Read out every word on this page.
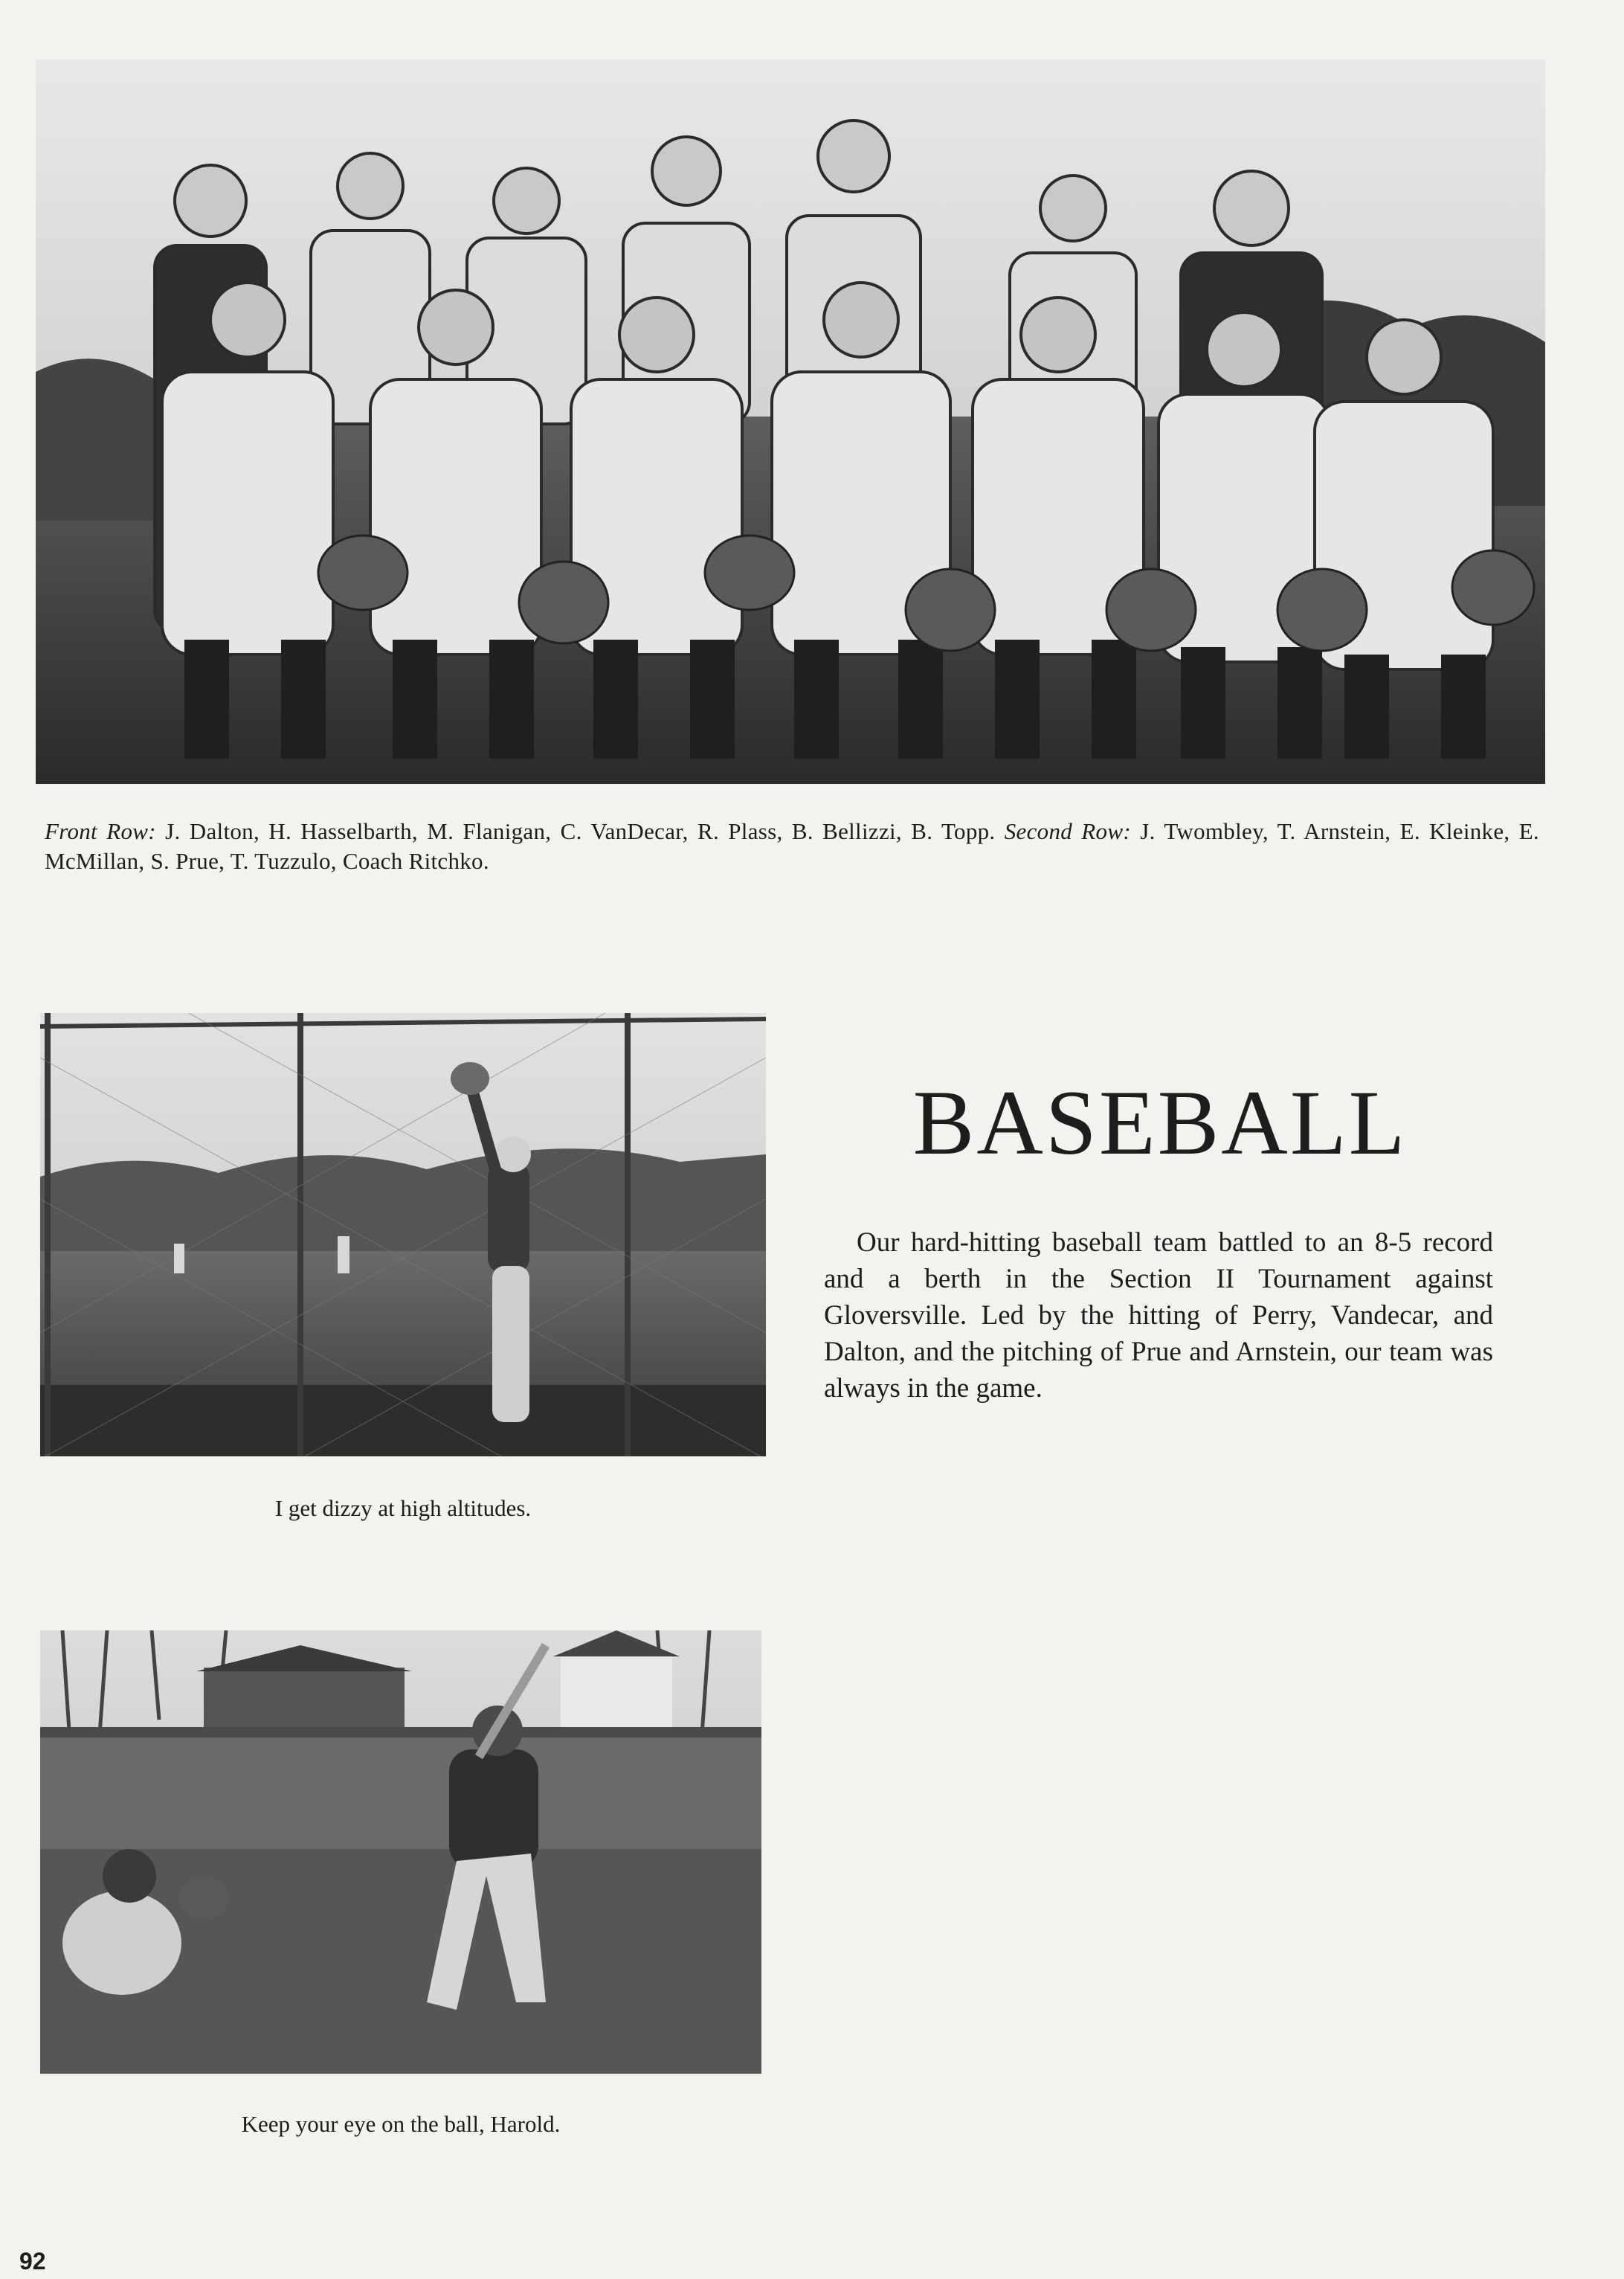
Front Row: J. Dalton, H. Hasselbarth, M. Flanigan, C. VanDecar, R. Plass, B. Bellizzi, B. Topp. Second Row: J. Twombley, T. Arnstein, E. Kleinke, E. McMillan, S. Prue, T. Tuzzulo, Coach Ritchko.

I get dizzy at high altitudes.

BASEBALL

Our hard-hitting baseball team battled to an 8-5 record and a berth in the Section II Tournament against Gloversville. Led by the hitting of Perry, Vandecar, and Dalton, and the pitching of Prue and Arnstein, our team was always in the game.

Keep your eye on the ball, Harold.

92
